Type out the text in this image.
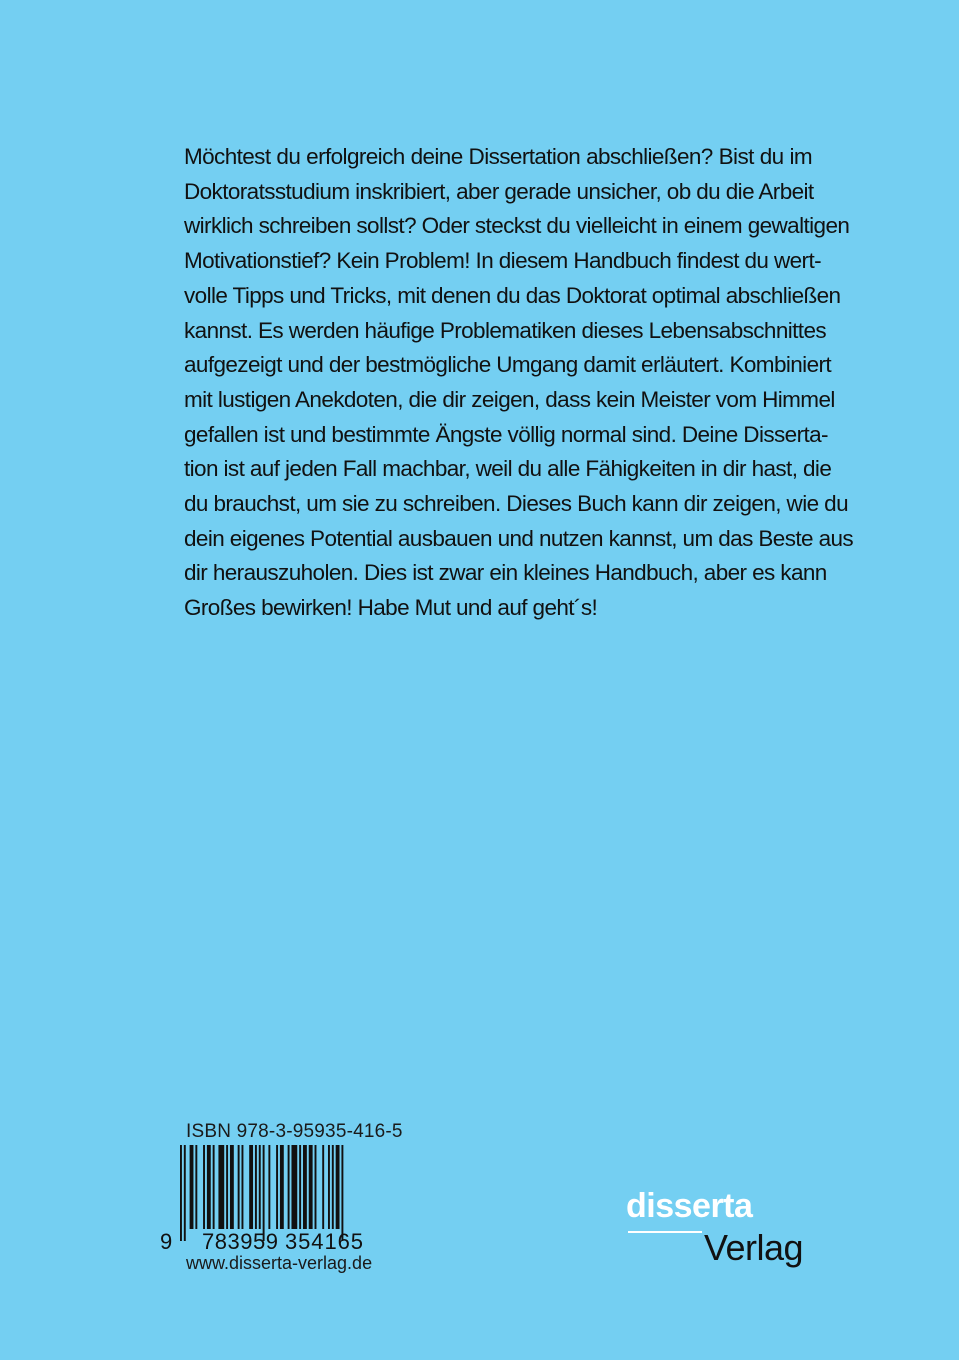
Möchtest du erfolgreich deine Dissertation abschließen? Bist du im
Doktoratsstudium inskribiert, aber gerade unsicher, ob du die Arbeit
wirklich schreiben sollst? Oder steckst du vielleicht in einem gewaltigen
Motivationstief? Kein Problem! In diesem Handbuch findest du wert-
volle Tipps und Tricks, mit denen du das Doktorat optimal abschließen
kannst. Es werden häufige Problematiken dieses Lebensabschnittes
aufgezeigt und der bestmögliche Umgang damit erläutert. Kombiniert
mit lustigen Anekdoten, die dir zeigen, dass kein Meister vom Himmel
gefallen ist und bestimmte Ängste völlig normal sind. Deine Disserta-
tion ist auf jeden Fall machbar, weil du alle Fähigkeiten in dir hast, die
du brauchst, um sie zu schreiben. Dieses Buch kann dir zeigen, wie du
dein eigenes Potential ausbauen und nutzen kannst, um das Beste aus
dir herauszuholen. Dies ist zwar ein kleines Handbuch, aber es kann
Großes bewirken! Habe Mut und auf geht´s!
ISBN 978-3-95935-416-5
9 783959 354165
www.disserta-verlag.de
disserta
Verlag
